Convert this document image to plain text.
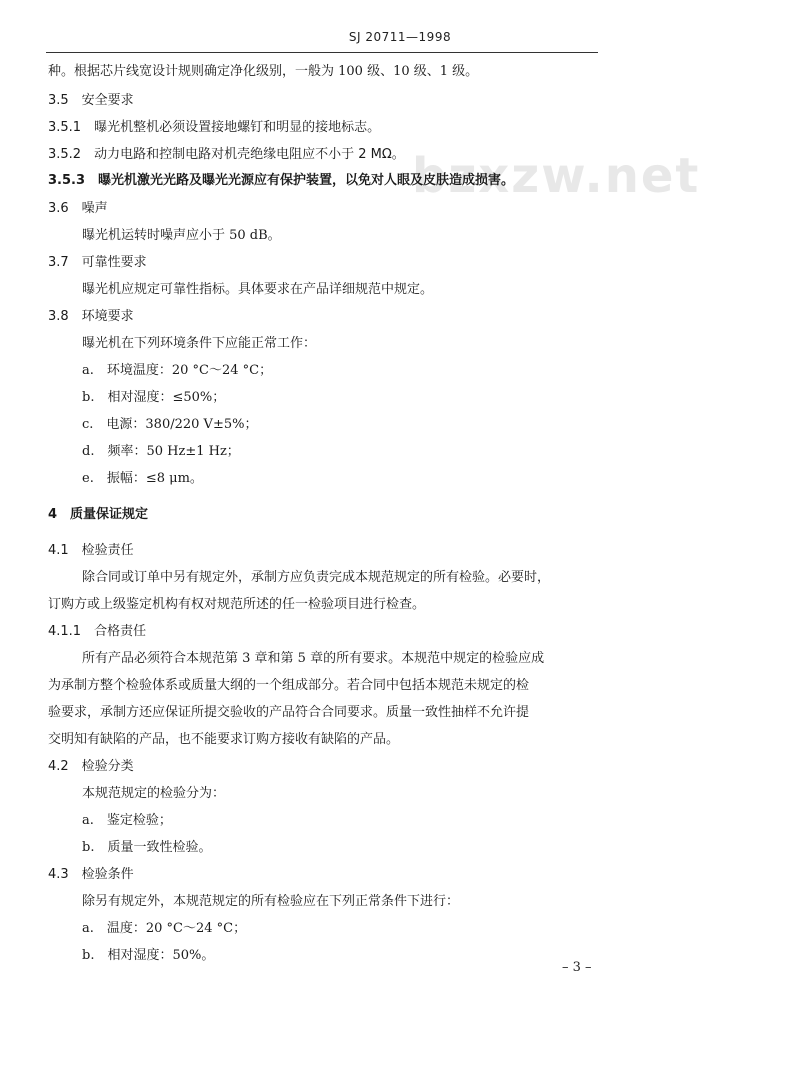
SJ 20711—1998
bzxzw.net
种。根据芯片线宽设计规则确定净化级别，一般为 100 级、10 级、1 级。
3.5　安全要求
3.5.1　曝光机整机必须设置接地螺钉和明显的接地标志。
3.5.2　动力电路和控制电路对机壳绝缘电阻应不小于 2 MΩ。
3.5.3　曝光机激光光路及曝光光源应有保护装置，以免对人眼及皮肤造成损害。
3.6　噪声
曝光机运转时噪声应小于 50 dB。
3.7　可靠性要求
曝光机应规定可靠性指标。具体要求在产品详细规范中规定。
3.8　环境要求
曝光机在下列环境条件下应能正常工作：
a.　环境温度：20 °C～24 °C；
b.　相对湿度：≤50%；
c.　电源：380/220 V±5%；
d.　频率：50 Hz±1 Hz；
e.　振幅：≤8 μm。
4　质量保证规定
4.1　检验责任
除合同或订单中另有规定外，承制方应负责完成本规范规定的所有检验。必要时，
订购方或上级鉴定机构有权对规范所述的任一检验项目进行检查。
4.1.1　合格责任
所有产品必须符合本规范第 3 章和第 5 章的所有要求。本规范中规定的检验应成
为承制方整个检验体系或质量大纲的一个组成部分。若合同中包括本规范未规定的检
验要求，承制方还应保证所提交验收的产品符合合同要求。质量一致性抽样不允许提
交明知有缺陷的产品，也不能要求订购方接收有缺陷的产品。
4.2　检验分类
本规范规定的检验分为：
a.　鉴定检验；
b.　质量一致性检验。
4.3　检验条件
除另有规定外，本规范规定的所有检验应在下列正常条件下进行：
a.　温度：20 °C～24 °C；
b.　相对湿度：50%。
– 3 –
